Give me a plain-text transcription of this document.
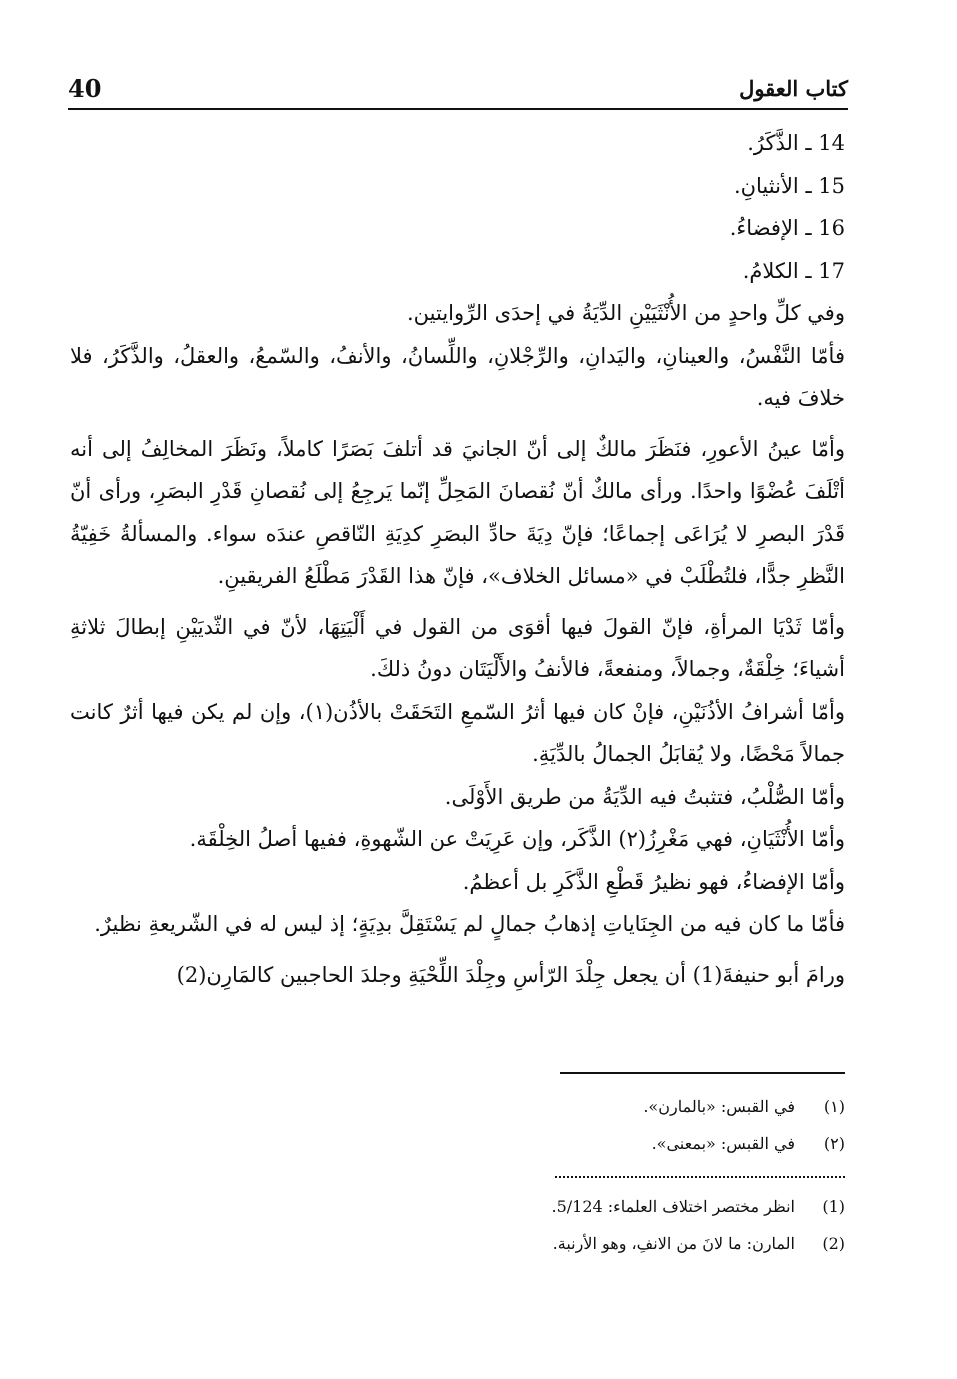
كتاب العقول
40

14 ـ الذَّكَرُ.

15 ـ الأنثيانِ.

16 ـ الإفضاءُ.

17 ـ الكلامُ.

وفي كلِّ واحدٍ من الأُنْثَيَيْنِ الدِّيَةُ في إحدَى الرِّوايتين.

فأمّا النَّفْسُ، والعينانِ، واليَدانِ، والرِّجْلانِ، واللِّسانُ، والأنفُ، والسّمعُ، والعقلُ، والذَّكَرُ، فلا خلافَ فيه.

وأمّا عينُ الأعورِ، فنَظَرَ مالكٌ إلى أنّ الجانيَ قد أتلفَ بَصَرًا كاملاً، ونَظَرَ المخالِفُ إلى أنه أتْلَفَ عُضْوًا واحدًا. ورأى مالكٌ أنّ نُقصانَ المَحِلِّ إنّما يَرجِعُ إلى نُقصانِ قَدْرِ البصَرِ، ورأى أنّ قَدْرَ البصرِ لا يُرَاعَى إجماعًا؛ فإنّ دِيَةَ حادِّ البصَرِ كدِيَةِ النّاقصِ عندَه سواء. والمسألةُ خَفِيّةُ النَّظرِ جدًّا، فلتُطْلَبْ في «مسائل الخلاف»، فإنّ هذا القَدْرَ مَطْلَعُ الفريقينِ.

وأمّا ثَدْيَا المرأةِ، فإنّ القولَ فيها أقوَى من القول في أَلْيَتِهَا، لأنّ في الثّديَيْنِ إبطالَ ثلاثةِ أشياءَ؛ خِلْقَةٌ، وجمالاً، ومنفعةً، فالأنفُ والأَلْيَتَان دونُ ذلكَ.

وأمّا أشرافُ الأذُنَيْنِ، فإنْ كان فيها أثرُ السّمعِ التَحَقَتْ بالأذُن(١)، وإن لم يكن فيها أثرٌ كانت جمالاً مَحْضًا، ولا يُقابَلُ الجمالُ بالدِّيَةِ.

وأمّا الصُّلْبُ، فتثبتُ فيه الدِّيَةُ من طريق الأَوْلَى.

وأمّا الأُنْثَيَانِ، فهي مَغْرِزُ(٢) الذَّكَر، وإن عَرِيَتْ عن الشّهوةِ، ففيها أصلُ الخِلْقَة.

وأمّا الإفضاءُ، فهو نظيرُ قَطْعِ الذَّكَرِ بل أعظمُ.

فأمّا ما كان فيه من الجِنَاياتِ إذهابُ جمالٍ لم يَسْتَقِلَّ بدِيَةٍ؛ إذ ليس له في الشّريعةِ نظيرٌ.

ورامَ أبو حنيفةَ(1) أن يجعل جِلْدَ الرّأسِ وجِلْدَ اللِّحْيَةِ وجلدَ الحاجبين كالمَارِن(2)

(١)
في القبس: «بالمارن».
(٢)
في القبس: «بمعنى».
(1)
انظر مختصر اختلاف العلماء: 5/124.
(2)
المارن: ما لانَ من الانفِ، وهو الأرنبة.
